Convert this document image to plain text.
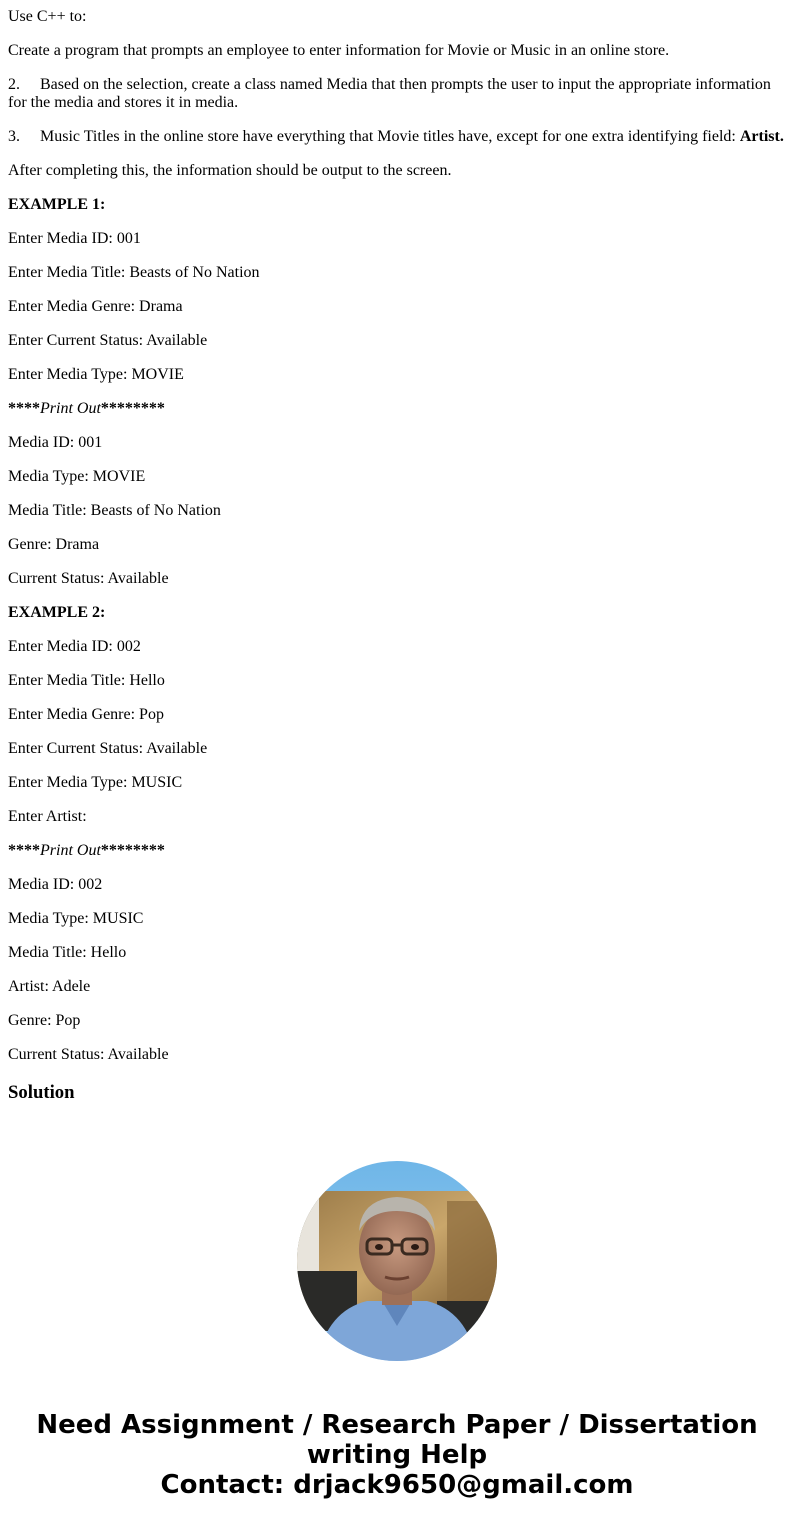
Use C++ to:

Create a program that prompts an employee to enter information for Movie or Music in an online store.

2. Based on the selection, create a class named Media that then prompts the user to input the appropriate information for the media and stores it in media.

3. Music Titles in the online store have everything that Movie titles have, except for one extra identifying field: Artist.

After completing this, the information should be output to the screen.

EXAMPLE 1:

Enter Media ID: 001

Enter Media Title: Beasts of No Nation

Enter Media Genre: Drama

Enter Current Status: Available

Enter Media Type: MOVIE

****Print Out********

Media ID: 001

Media Type: MOVIE

Media Title: Beasts of No Nation

Genre: Drama

Current Status: Available

EXAMPLE 2:

Enter Media ID: 002

Enter Media Title: Hello

Enter Media Genre: Pop

Enter Current Status: Available

Enter Media Type: MUSIC

Enter Artist:

****Print Out********

Media ID: 002

Media Type: MUSIC

Media Title: Hello

Artist: Adele

Genre: Pop

Current Status: Available

Solution
Need Assignment / Research Paper / Dissertation
writing Help
Contact: drjack9650@gmail.com
